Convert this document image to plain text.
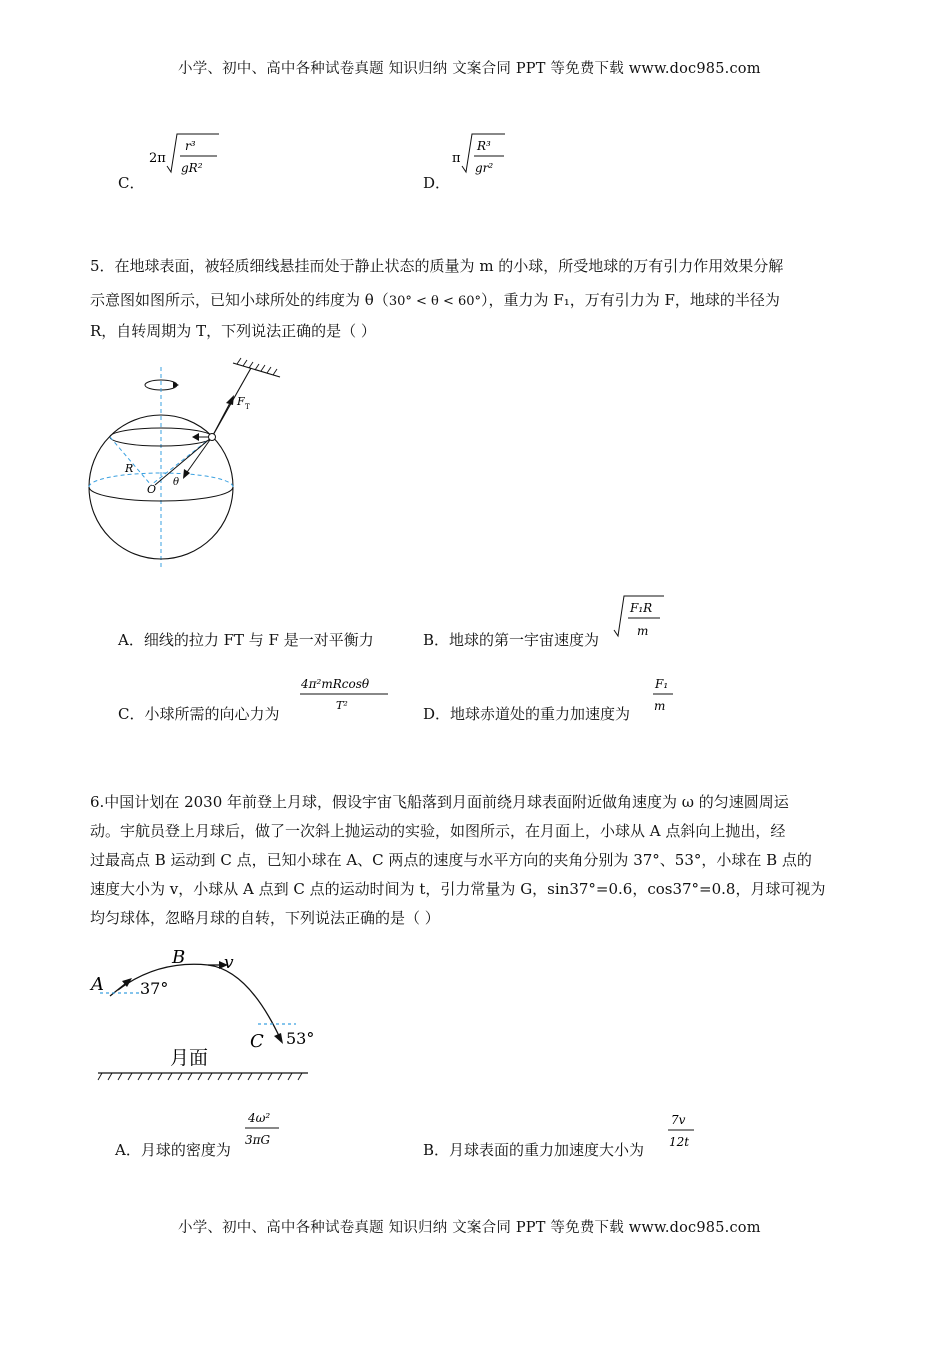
小学、初中、高中各种试卷真题 知识归纳 文案合同 PPT 等免费下载 www.doc985.com
C．
2π
r³
gR²
D．
π
R³
gr²
5．在地球表面，被轻质细线悬挂而处于静止状态的质量为 m 的小球，所受地球的万有引力作用效果分解
示意图如图所示，已知小球所处的纬度为 θ（30° < θ < 60°），重力为 F₁，万有引力为 F，地球的半径为
R，自转周期为 T，下列说法正确的是（ ）
F T
R
O
θ
A．细线的拉力 FT 与 F 是一对平衡力	B．地球的第一宇宙速度为
F₁R
m
C．小球所需的向心力为
4π²mRcosθ
T²	D．地球赤道处的重力加速度为
F₁
m
6.中国计划在 2030 年前登上月球，假设宇宙飞船落到月面前绕月球表面附近做角速度为 ω 的匀速圆周运
动。宇航员登上月球后，做了一次斜上抛运动的实验，如图所示，在月面上，小球从 A 点斜向上抛出，经
过最高点 B 运动到 C 点，已知小球在 A、C 两点的速度与水平方向的夹角分别为 37°、53°，小球在 B 点的
速度大小为 v，小球从 A 点到 C 点的运动时间为 t，引力常量为 G，sin37°=0.6，cos37°=0.8，月球可视为
均匀球体，忽略月球的自转，下列说法正确的是（ ）
A 37°
B v
C 53°
月面
A．月球的密度为
4ω²
3πG
B．月球表面的重力加速度大小为
7v
12t
小学、初中、高中各种试卷真题 知识归纳 文案合同 PPT 等免费下载 www.doc985.com
